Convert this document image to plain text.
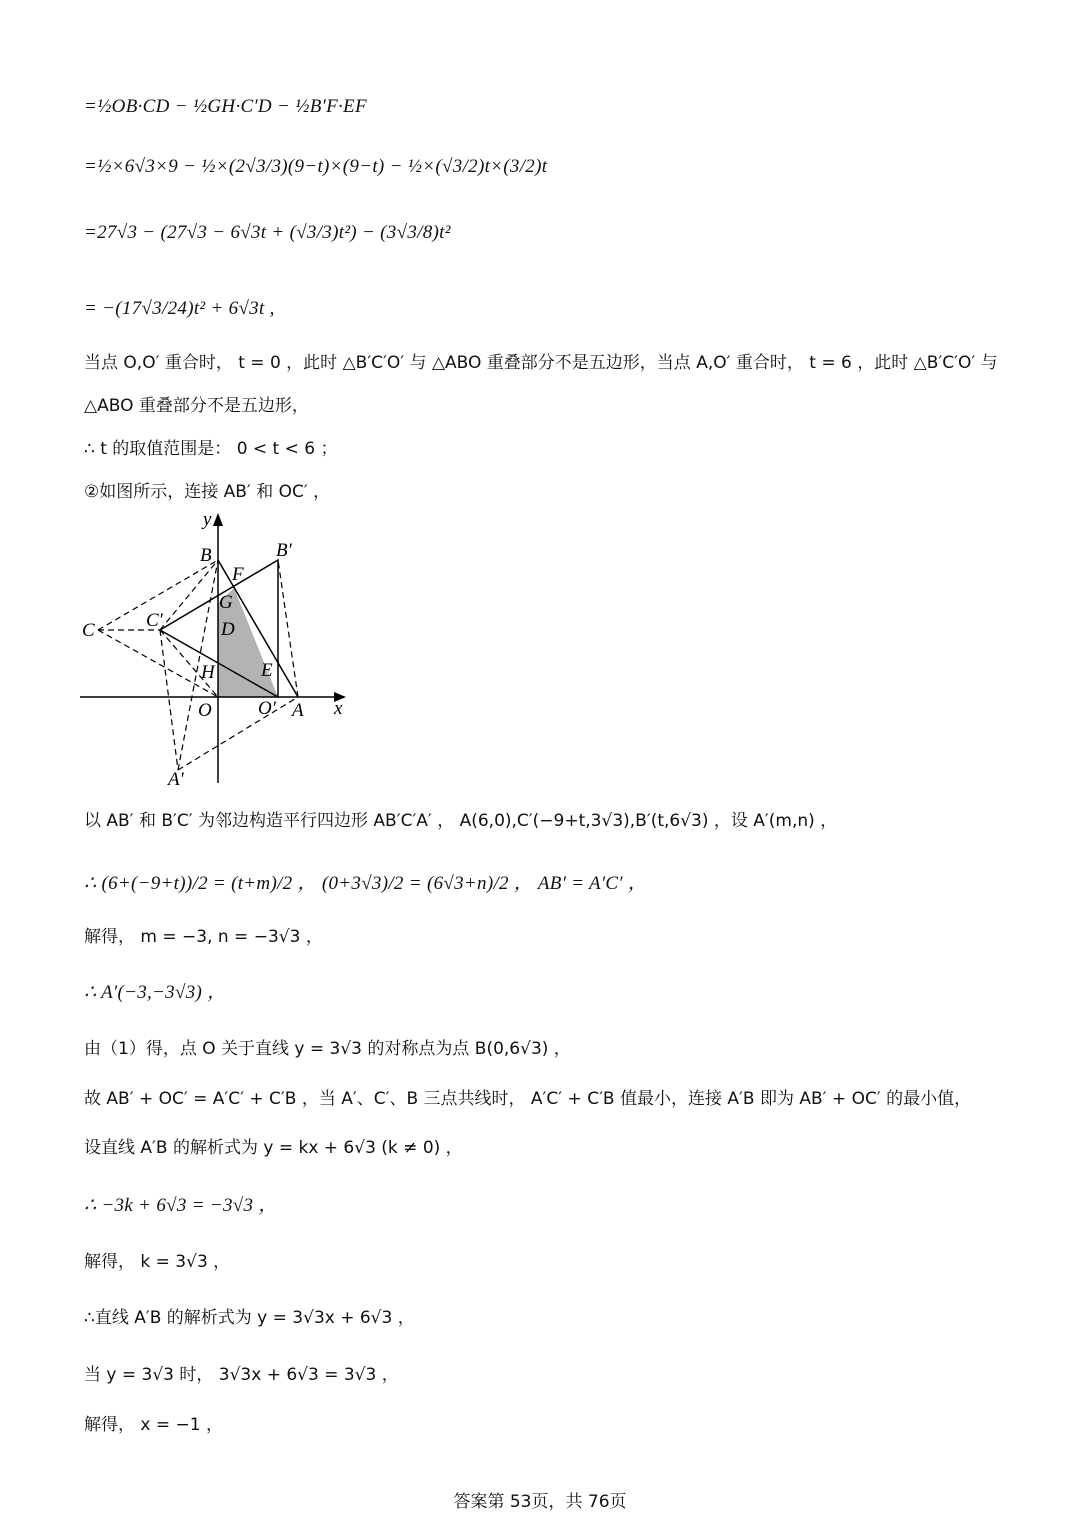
=½OB·CD − ½GH·C′D − ½B′F·EF
=½×6√3×9 − ½×(2√3/3)(9−t)×(9−t) − ½×(√3/2)t×(3/2)t
=27√3 − (27√3 − 6√3t + (√3/3)t²) − (3√3/8)t²
= −(17√3/24)t² + 6√3t ,
当点 O,O′ 重合时， t = 0 ，此时 △B′C′O′ 与 △ABO 重叠部分不是五边形，当点 A,O′ 重合时， t = 6 ，此时 △B′C′O′ 与
△ABO 重叠部分不是五边形，
∴ t 的取值范围是： 0 < t < 6 ；
②如图所示，连接 AB′ 和 OC′ ，
y
x
B	B′
F
G
C	C′	D
H E
O O′ A
A′
以 AB′ 和 B′C′ 为邻边构造平行四边形 AB′C′A′ ， A(6,0),C′(−9+t,3√3),B′(t,6√3) ，设 A′(m,n) ，
∴ (6+(−9+t))/2 = (t+m)/2 ， (0+3√3)/2 = (6√3+n)/2 ， AB′ = A′C′ ，
解得， m = −3, n = −3√3 ，
∴ A′(−3,−3√3) ，
由（1）得，点 O 关于直线 y = 3√3 的对称点为点 B(0,6√3) ，
故 AB′ + OC′ = A′C′ + C′B ，当 A′、C′、B 三点共线时， A′C′ + C′B 值最小，连接 A′B 即为 AB′ + OC′ 的最小值，
设直线 A′B 的解析式为 y = kx + 6√3 (k ≠ 0) ，
∴ −3k + 6√3 = −3√3 ，
解得， k = 3√3 ，
∴直线 A′B 的解析式为 y = 3√3x + 6√3 ，
当 y = 3√3 时， 3√3x + 6√3 = 3√3 ，
解得， x = −1 ，
答案第 53页，共 76页
